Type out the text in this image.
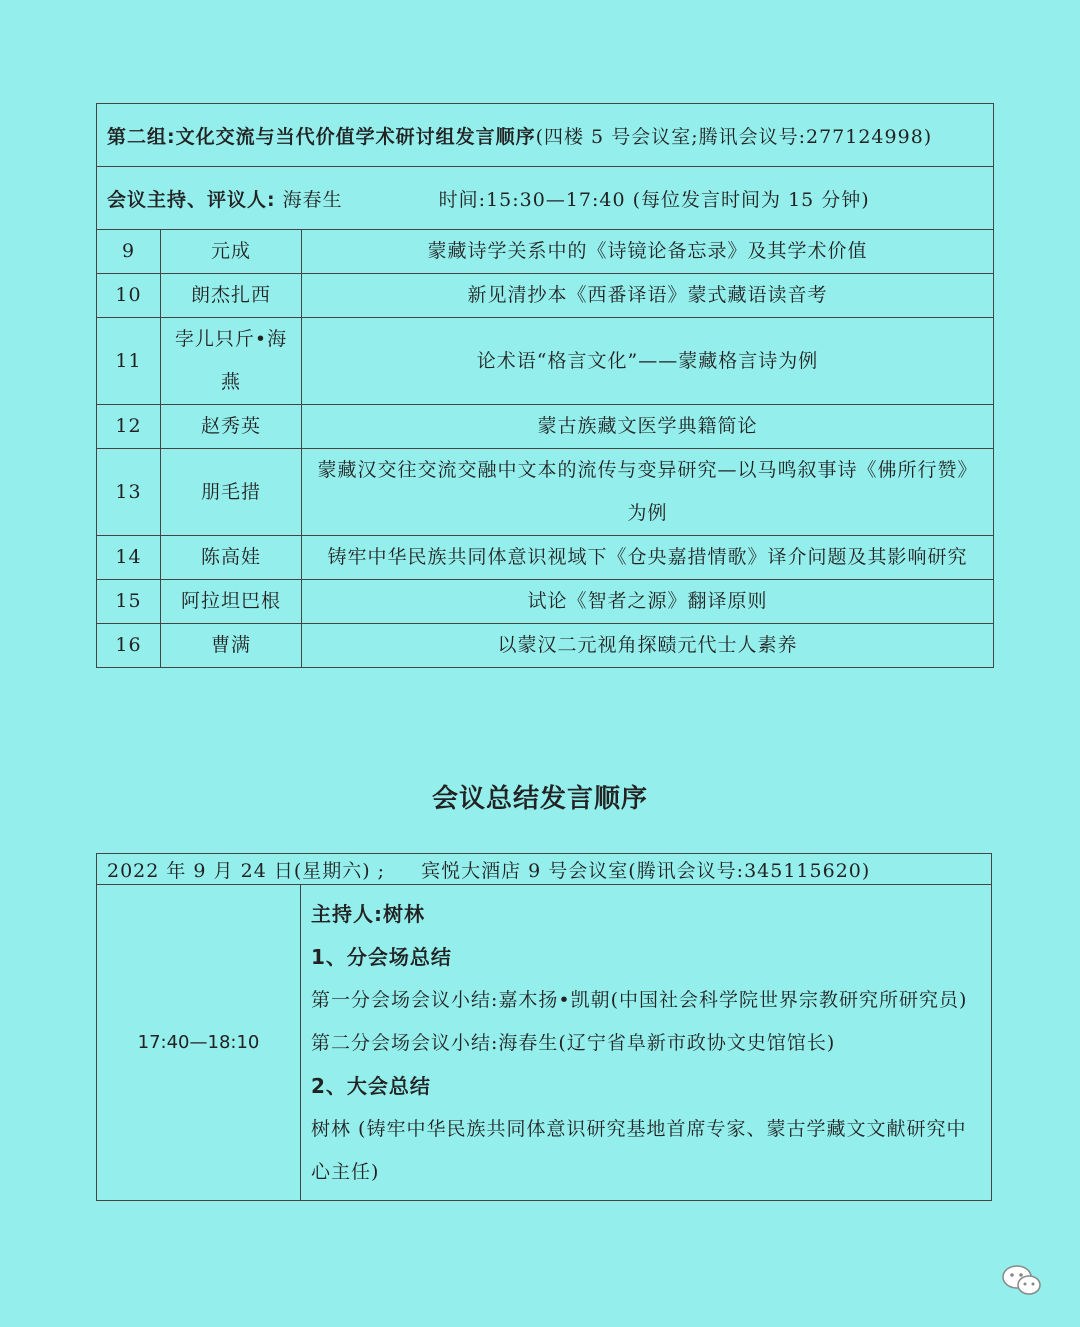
第二组:文化交流与当代价值学术研讨组发言顺序(四楼 5 号会议室;腾讯会议号:277124998)		
会议主持、评议人: 海春生 时间:15:30—17:40 (每位发言时间为 15 分钟)		
9	元成	蒙藏诗学关系中的《诗镜论备忘录》及其学术价值
10	朗杰扎西	新见清抄本《西番译语》蒙式藏语读音考
11	孛儿只斤•海燕	论术语“格言文化”——蒙藏格言诗为例
12	赵秀英	蒙古族藏文医学典籍简论
13	朋毛措	蒙藏汉交往交流交融中文本的流传与变异研究—以马鸣叙事诗《佛所行赞》为例
14	陈高娃	铸牢中华民族共同体意识视域下《仓央嘉措情歌》译介问题及其影响研究
15	阿拉坦巴根	试论《智者之源》翻译原则
16	曹满	以蒙汉二元视角探赜元代士人素养
会议总结发言顺序
2022 年 9 月 24 日(星期六) ; 宾悦大酒店 9 号会议室(腾讯会议号:345115620)
17:40—18:10	

主持人:树林

1、分会场总结

第一分会场会议小结:嘉木扬•凯朝(中国社会科学院世界宗教研究所研究员)

第二分会场会议小结:海春生(辽宁省阜新市政协文史馆馆长)

2、大会总结

树林 (铸牢中华民族共同体意识研究基地首席专家、蒙古学藏文文献研究中心主任)
